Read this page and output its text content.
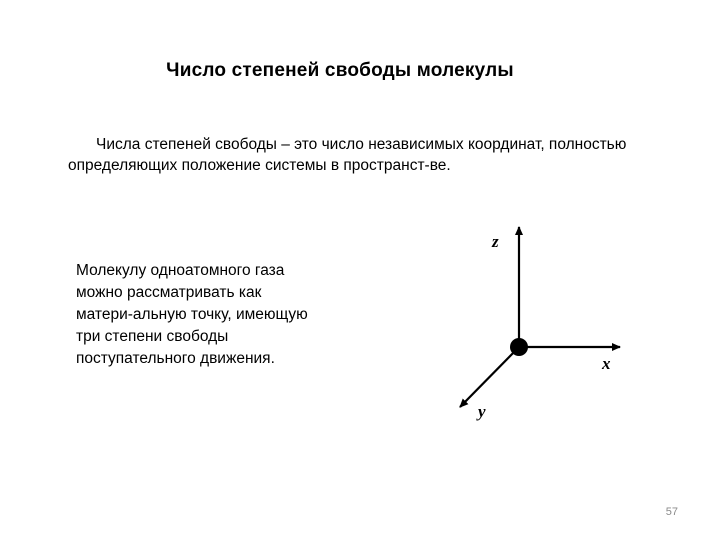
Число степеней свободы молекулы
Числа степеней свободы – это число независимых координат, полностью
определяющих положение системы в пространст-ве.
Молекулу одноатомного газа
можно рассматривать как
матери-альную точку, имеющую
три степени свободы
поступательного движения.
z
x
y
57
